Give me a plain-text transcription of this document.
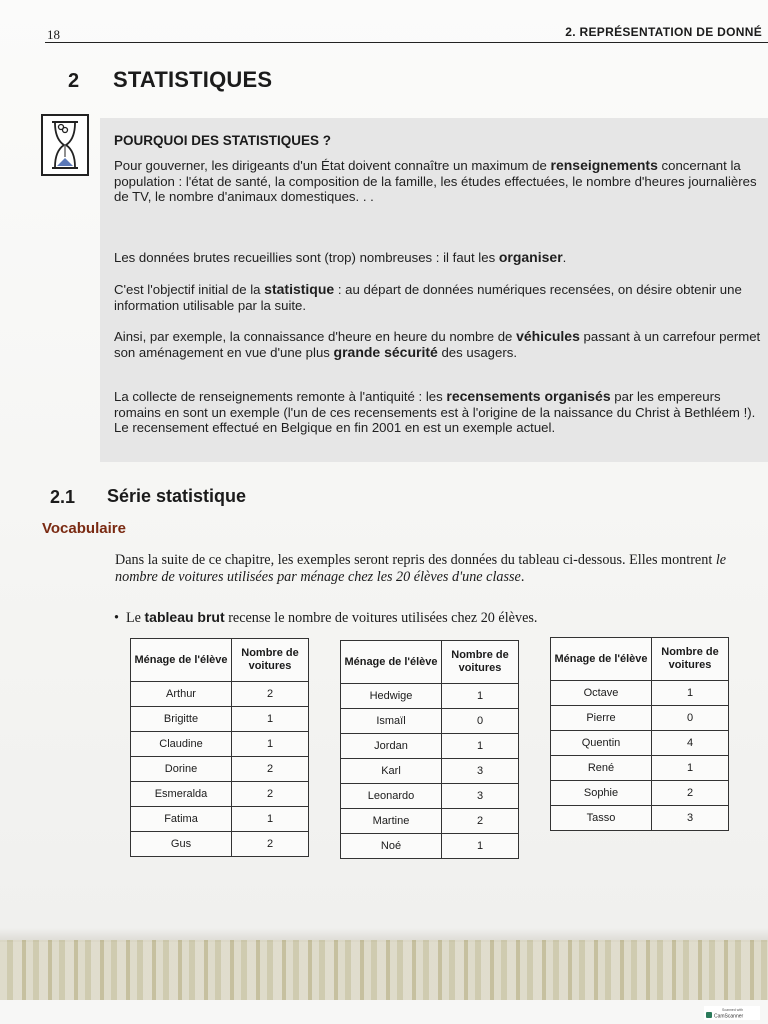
18	2. REPRÉSENTATION DE DONNÉ
2 STATISTIQUES
POURQUOI DES STATISTIQUES ?

Pour gouverner, les dirigeants d'un État doivent connaître un maximum de renseignements concernant la population : l'état de santé, la composition de la famille, les études effectuées, le nombre d'heures journalières de TV, le nombre d'animaux domestiques. . .

Les données brutes recueillies sont (trop) nombreuses : il faut les organiser.

C'est l'objectif initial de la statistique : au départ de données numériques recensées, on désire obtenir une information utilisable par la suite.

Ainsi, par exemple, la connaissance d'heure en heure du nombre de véhicules passant à un carrefour permet son aménagement en vue d'une plus grande sécurité des usagers.

La collecte de renseignements remonte à l'antiquité : les recensements organisés par les empereurs romains en sont un exemple (l'un de ces recensements est à l'origine de la naissance du Christ à Bethléem !). Le recensement effectué en Belgique en fin 2001 en est un exemple actuel.

2.1 Série statistique
Vocabulaire

Dans la suite de ce chapitre, les exemples seront repris des données du tableau ci-dessous. Elles montrent le nombre de voitures utilisées par ménage chez les 20 élèves d'une classe.

• Le tableau brut recense le nombre de voitures utilisées chez 20 élèves.

Ménage de l'élève	Nombre de voitures
Arthur	2
Brigitte	1
Claudine	1
Dorine	2
Esmeralda	2
Fatima	1
Gus	2
Ménage de l'élève	Nombre de voitures
Hedwige	1
Ismaïl	0
Jordan	1
Karl	3
Leonardo	3
Martine	2
Noé	1
Ménage de l'élève	Nombre de voitures
Octave	1
Pierre	0
Quentin	4
René	1
Sophie	2
Tasso	3
Scanned with
CamScanner
